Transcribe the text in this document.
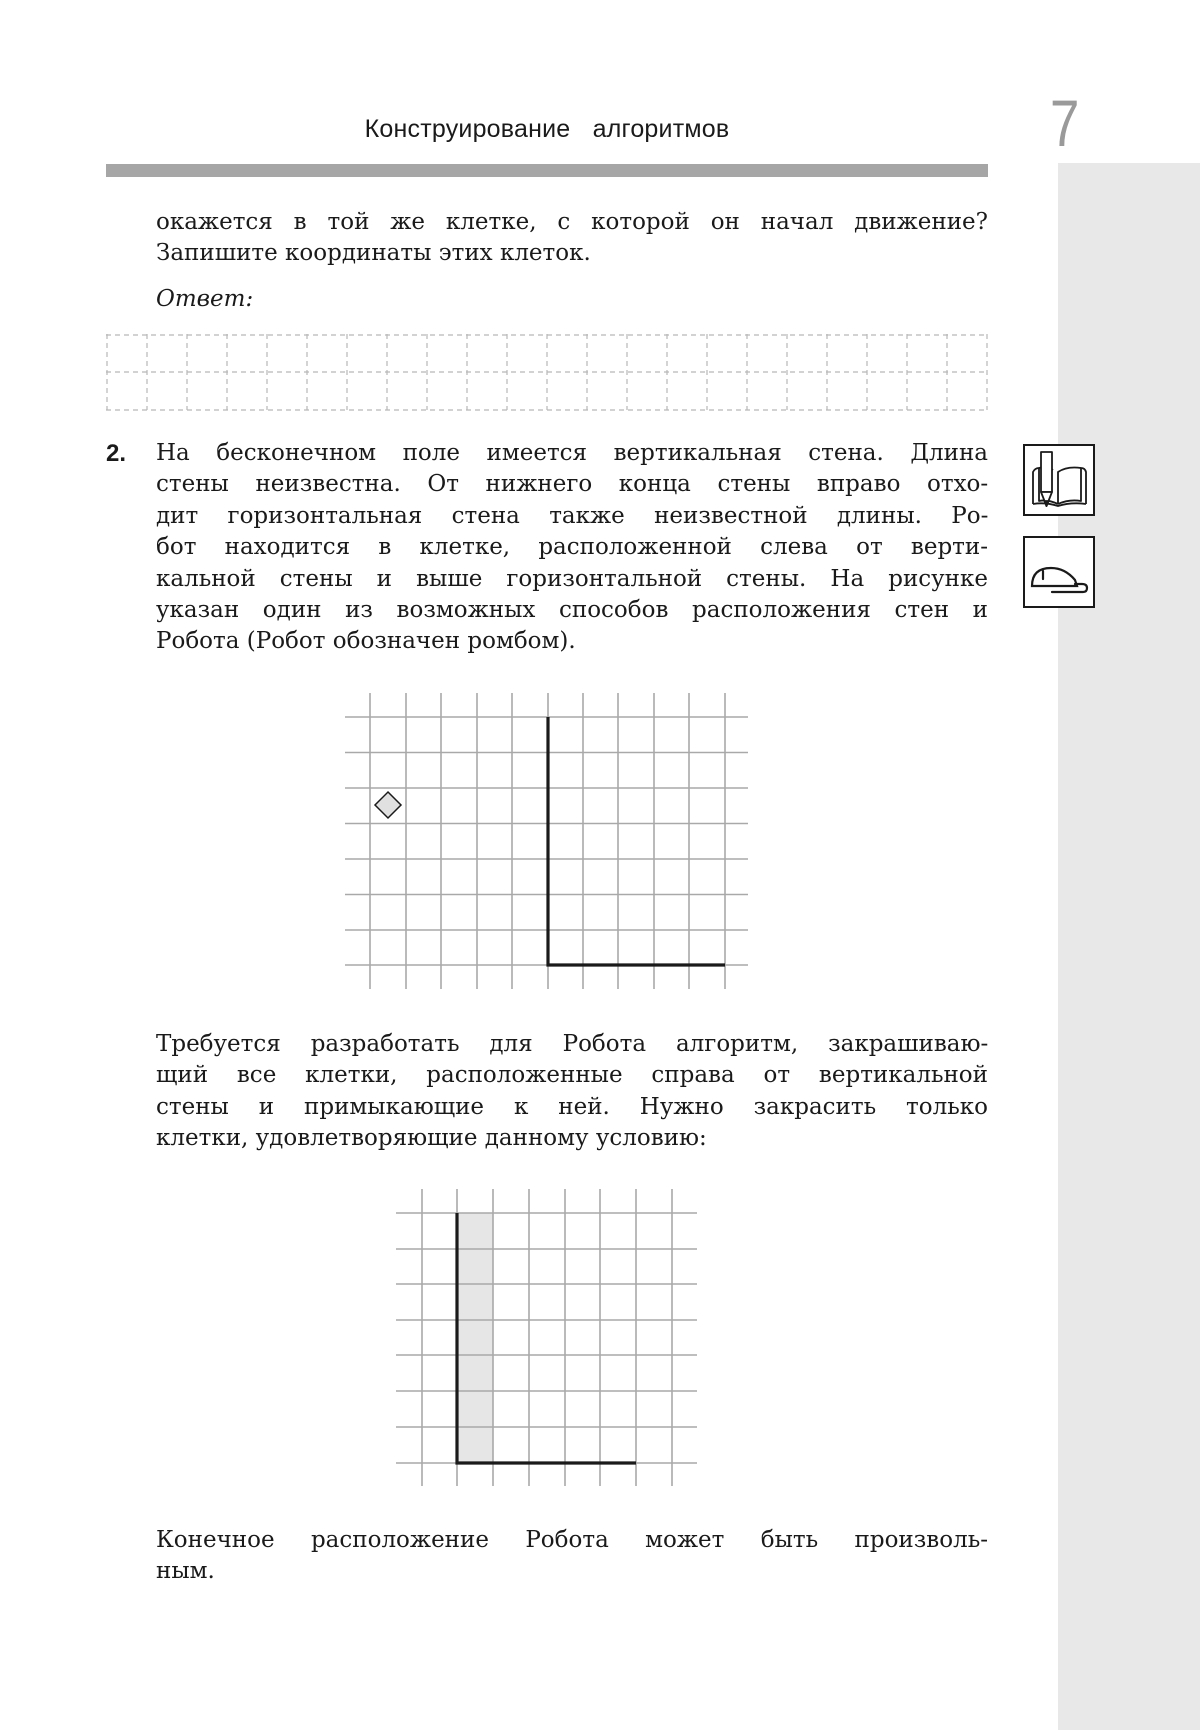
7
Конструирование  алгоритмов
окажется в той же клетке, с которой он начал движение?
Запишите координаты этих клеток.
Ответ:
2. На бесконечном поле имеется вертикальная стена. Длина
стены неизвестна. От нижнего конца стены вправо отхо-
дит горизонтальная стена также неизвестной длины. Ро-
бот находится в клетке, расположенной слева от верти-
кальной стены и выше горизонтальной стены. На рисунке
указан один из возможных способов расположения стен и
Робота (Робот обозначен ромбом).
Требуется разработать для Робота алгоритм, закрашиваю-
щий все клетки, расположенные справа от вертикальной
стены и примыкающие к ней. Нужно закрасить только
клетки, удовлетворяющие данному условию:
Конечное расположение Робота может быть произволь-
ным.
